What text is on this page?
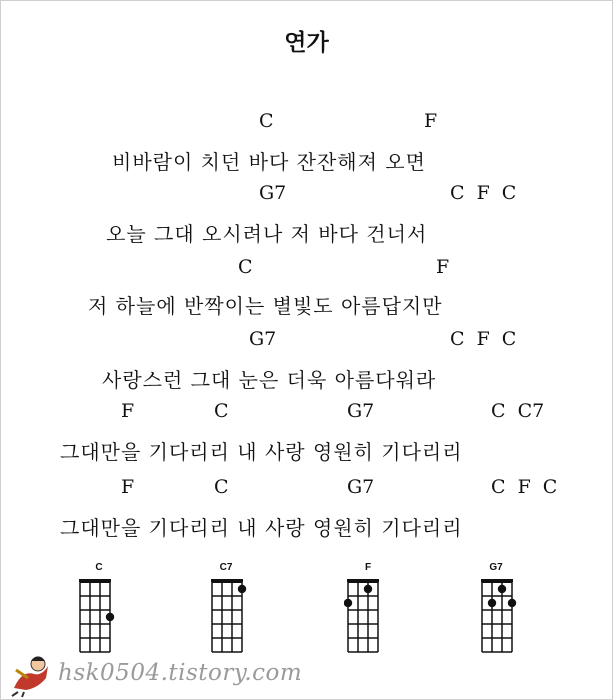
연가
C	F
비바람이 치던 바다 잔잔해져 오면
G7	C F C
오늘 그대 오시려나 저 바다 건너서
C	F
저 하늘에 반짝이는 별빛도 아름답지만
G7	C F C
사랑스런 그대 눈은 더욱 아름다워라
F	C	G7	C C7
그대만을 기다리리 내 사랑 영원히 기다리리
F	C	G7	C F C
그대만을 기다리리 내 사랑 영원히 기다리리
C	C7	F	G7
hsk0504.tistory.com
